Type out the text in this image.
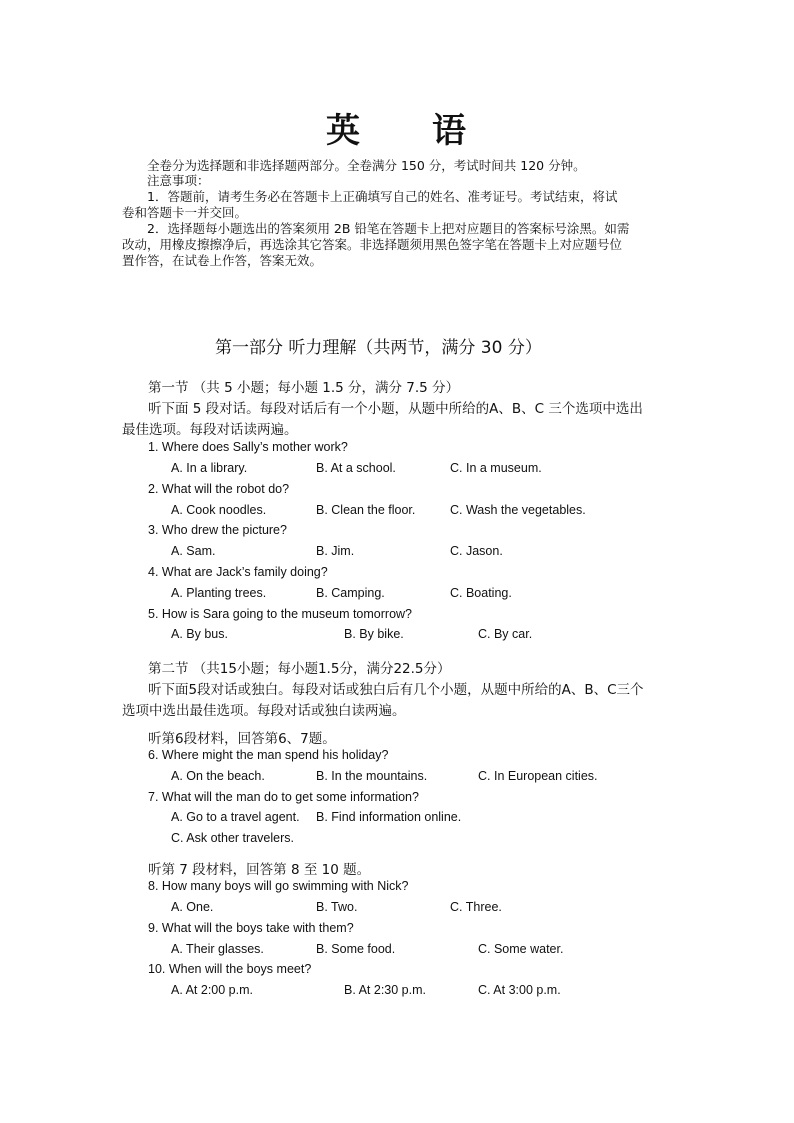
英 语
全卷分为选择题和非选择题两部分。全卷满分 150 分，考试时间共 120 分钟。
注意事项：
1．答题前，请考生务必在答题卡上正确填写自己的姓名、准考证号。考试结束，将试
卷和答题卡一并交回。
2．选择题每小题选出的答案须用 2B 铅笔在答题卡上把对应题目的答案标号涂黑。如需
改动，用橡皮擦擦净后，再选涂其它答案。非选择题须用黑色签字笔在答题卡上对应题号位
置作答，在试卷上作答，答案无效。
第一部分 听力理解（共两节，满分 30 分）
第一节 （共 5 小题；每小题 1.5 分，满分 7.5 分）
听下面 5 段对话。每段对话后有一个小题，从题中所给的A、B、C 三个选项中选出
最佳选项。每段对话读两遍。
1. Where does Sally’s mother work?
A. In a library.	B. At a school.	C. In a museum.
2. What will the robot do?
A. Cook noodles.	B. Clean the floor.	C. Wash the vegetables.
3. Who drew the picture?
A. Sam.	B. Jim.	C. Jason.
4. What are Jack’s family doing?
A. Planting trees.	B. Camping.	C. Boating.
5. How is Sara going to the museum tomorrow?
A. By bus.	B. By bike.	C. By car.
第二节 （共15小题；每小题1.5分，满分22.5分）
听下面5段对话或独白。每段对话或独白后有几个小题，从题中所给的A、B、C三个
选项中选出最佳选项。每段对话或独白读两遍。
听第6段材料，回答第6、7题。
6. Where might the man spend his holiday?
A. On the beach.	B. In the mountains.	C. In European cities.
7. What will the man do to get some information?
A. Go to a travel agent. B. Find information online.
C. Ask other travelers.
听第 7 段材料，回答第 8 至 10 题。
8. How many boys will go swimming with Nick?
A. One.	B. Two.	C. Three.
9. What will the boys take with them?
A. Their glasses.	B. Some food.	C. Some water.
10. When will the boys meet?
A. At 2:00 p.m.	B. At 2:30 p.m.	C. At 3:00 p.m.
